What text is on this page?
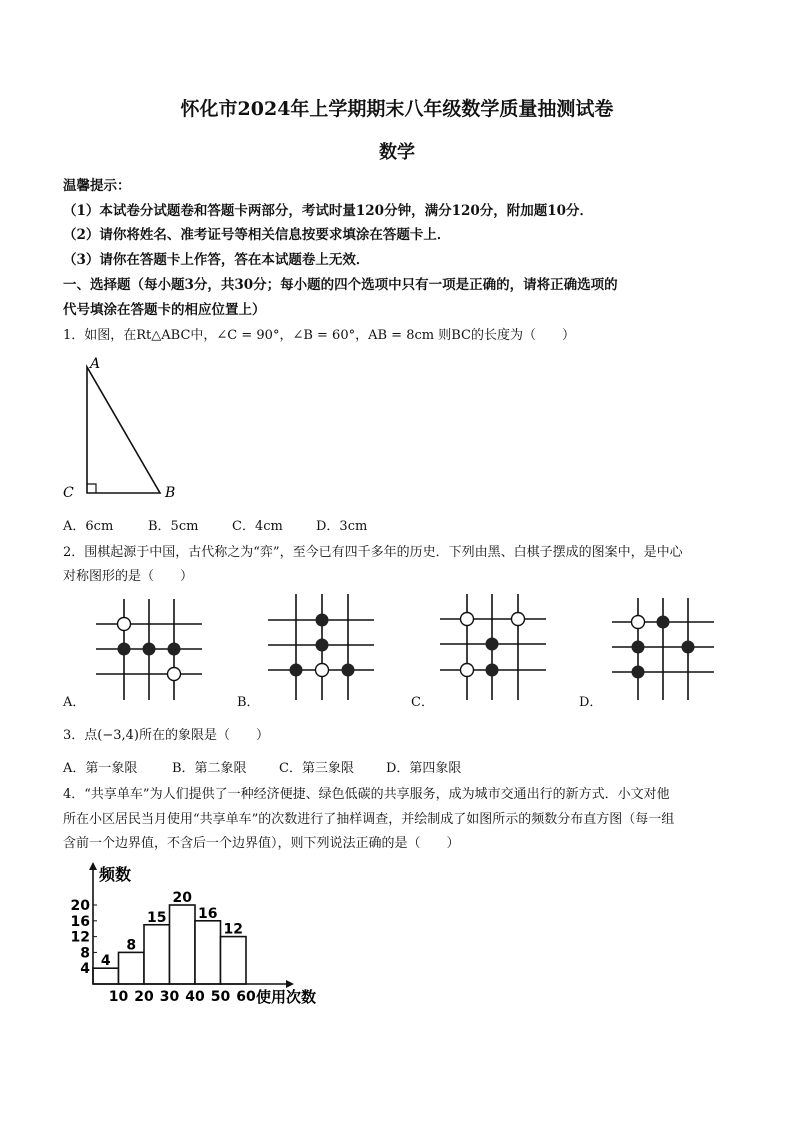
怀化市2024年上学期期末八年级数学质量抽测试卷
数学
温馨提示：
（1）本试卷分试题卷和答题卡两部分，考试时量120分钟，满分120分，附加题10分．
（2）请你将姓名、准考证号等相关信息按要求填涂在答题卡上．
（3）请你在答题卡上作答，答在本试题卷上无效．
一、选择题（每小题3分，共30分；每小题的四个选项中只有一项是正确的，请将正确选项的
代号填涂在答题卡的相应位置上）
1．如图，在Rt△ABC中，∠C = 90°，∠B = 60°，AB = 8cm 则BC的长度为（　　）
A
B
C
A．6cm	B．5cm	C．4cm	D．3cm
2．围棋起源于中国，古代称之为“弈”，至今已有四千多年的历史．下列由黑、白棋子摆成的图案中，是中心
对称图形的是（　　）
A．	B．	C．	D．
3．点(−3,4)所在的象限是（　　）
A．第一象限	B．第二象限 C．第三象限 D．第四象限
4．“共享单车”为人们提供了一种经济便捷、绿色低碳的共享服务，成为城市交通出行的新方式．小文对他
所在小区居民当月使用“共享单车”的次数进行了抽样调查，并绘制成了如图所示的频数分布直方图（每一组
含前一个边界值，不含后一个边界值），则下列说法正确的是（　　）
4
8
15
20
16
12
4
8
12
16
20
10 20 30 40 50 60
频数
使用次数
